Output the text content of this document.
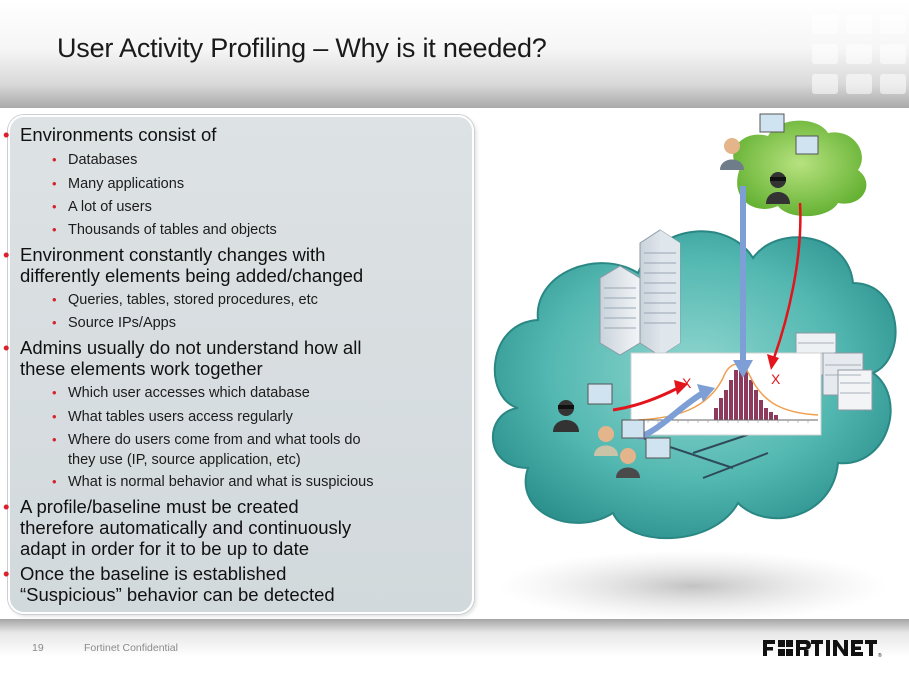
User Activity Profiling – Why is it needed?
• Environments consist of
• Databases
• Many applications
• A lot of users
• Thousands of tables and objects
• Environment constantly changes with
differently elements being added/changed
• Queries, tables, stored procedures, etc
• Source IPs/Apps
• Admins usually do not understand how all
these elements work together
• Which user accesses which database
• What tables users access regularly
• Where do users come from and what tools do
they use (IP, source application, etc)
• What is normal behavior and what is suspicious
• A profile/baseline must be created
therefore automatically and continuously
adapt in order for it to be up to date
• Once the baseline is established
“Suspicious” behavior can be detected
X	X
19	Fortinet Confidential
FORTINET
®
